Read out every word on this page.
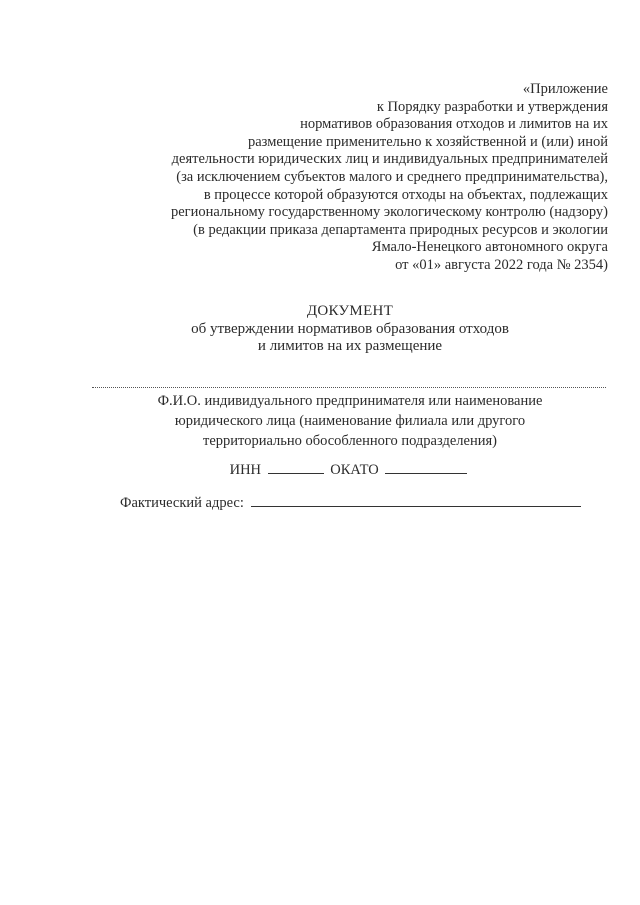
«Приложение
к Порядку разработки и утверждения
нормативов образования отходов и лимитов на их
размещение применительно к хозяйственной и (или) иной
деятельности юридических лиц и индивидуальных предпринимателей
(за исключением субъектов малого и среднего предпринимательства),
в процессе которой образуются отходы на объектах, подлежащих
региональному государственному экологическому контролю (надзору)
(в редакции приказа департамента природных ресурсов и экологии
Ямало-Ненецкого автономного округа
от «01» августа 2022 года № 2354)
ДОКУМЕНТ
об утверждении нормативов образования отходов
и лимитов на их размещение
Ф.И.О. индивидуального предпринимателя или наименование
юридического лица (наименование филиала или другого
территориально обособленного подразделения)
ИНН	ОКАТО
Фактический адрес:
